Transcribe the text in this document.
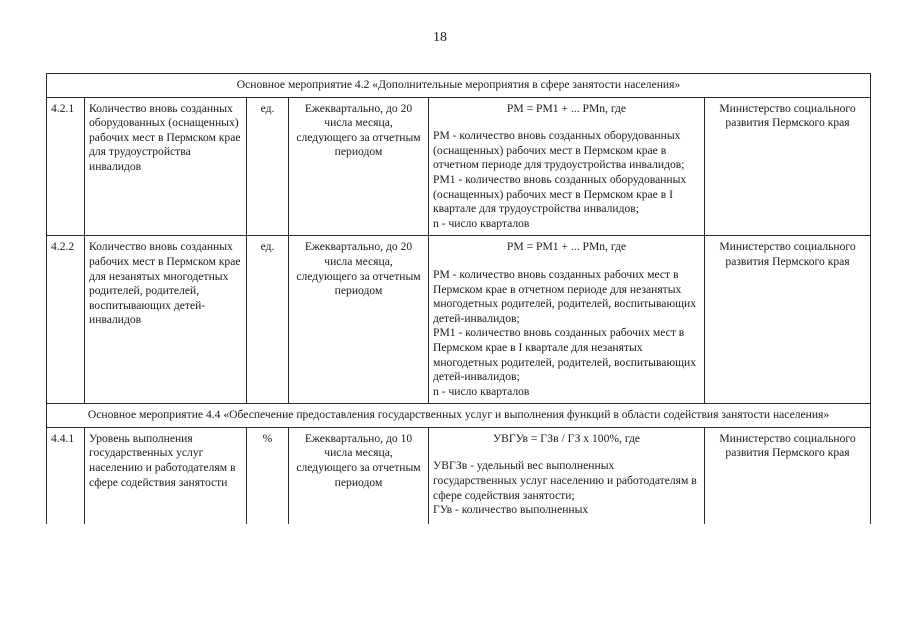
18
Основное мероприятие 4.2 «Дополнительные мероприятия в сфере занятости населения»					
4.2.1	Количество вновь созданных оборудованных (оснащенных) рабочих мест в Пермском крае для трудоустройства инвалидов	ед.	Ежеквартально, до 20 числа месяца, следующего за отчетным периодом	РМ = РМ1 + ... РМn, где
РМ - количество вновь созданных оборудованных (оснащенных) рабочих мест в Пермском крае в отчетном периоде для трудоустройства инвалидов;
РМ1 - количество вновь созданных оборудованных (оснащенных) рабочих мест в Пермском крае в I квартале для трудоустройства инвалидов;
n - число кварталов	Министерство социального развития Пермского края
4.2.2	Количество вновь созданных рабочих мест в Пермском крае для незанятых многодетных родителей, родителей, воспитывающих детей-инвалидов	ед.	Ежеквартально, до 20 числа месяца, следующего за отчетным периодом	РМ = РМ1 + ... РМn, где
РМ - количество вновь созданных рабочих мест в Пермском крае в отчетном периоде для незанятых многодетных родителей, родителей, воспитывающих детей-инвалидов;
РМ1 - количество вновь созданных рабочих мест в Пермском крае в I квартале для незанятых многодетных родителей, родителей, воспитывающих детей-инвалидов;
n - число кварталов	Министерство социального развития Пермского края
Основное мероприятие 4.4 «Обеспечение предоставления государственных услуг и выполнения функций в области содействия занятости населения»					
4.4.1	Уровень выполнения государственных услуг населению и работодателям в сфере содействия занятости	%	Ежеквартально, до 10 числа месяца, следующего за отчетным периодом	УВГУв = ГЗв / ГЗ х 100%, где
УВГЗв - удельный вес выполненных государственных услуг населению и работодателям в сфере содействия занятости;
ГУв - количество выполненных	Министерство социального развития Пермского края
